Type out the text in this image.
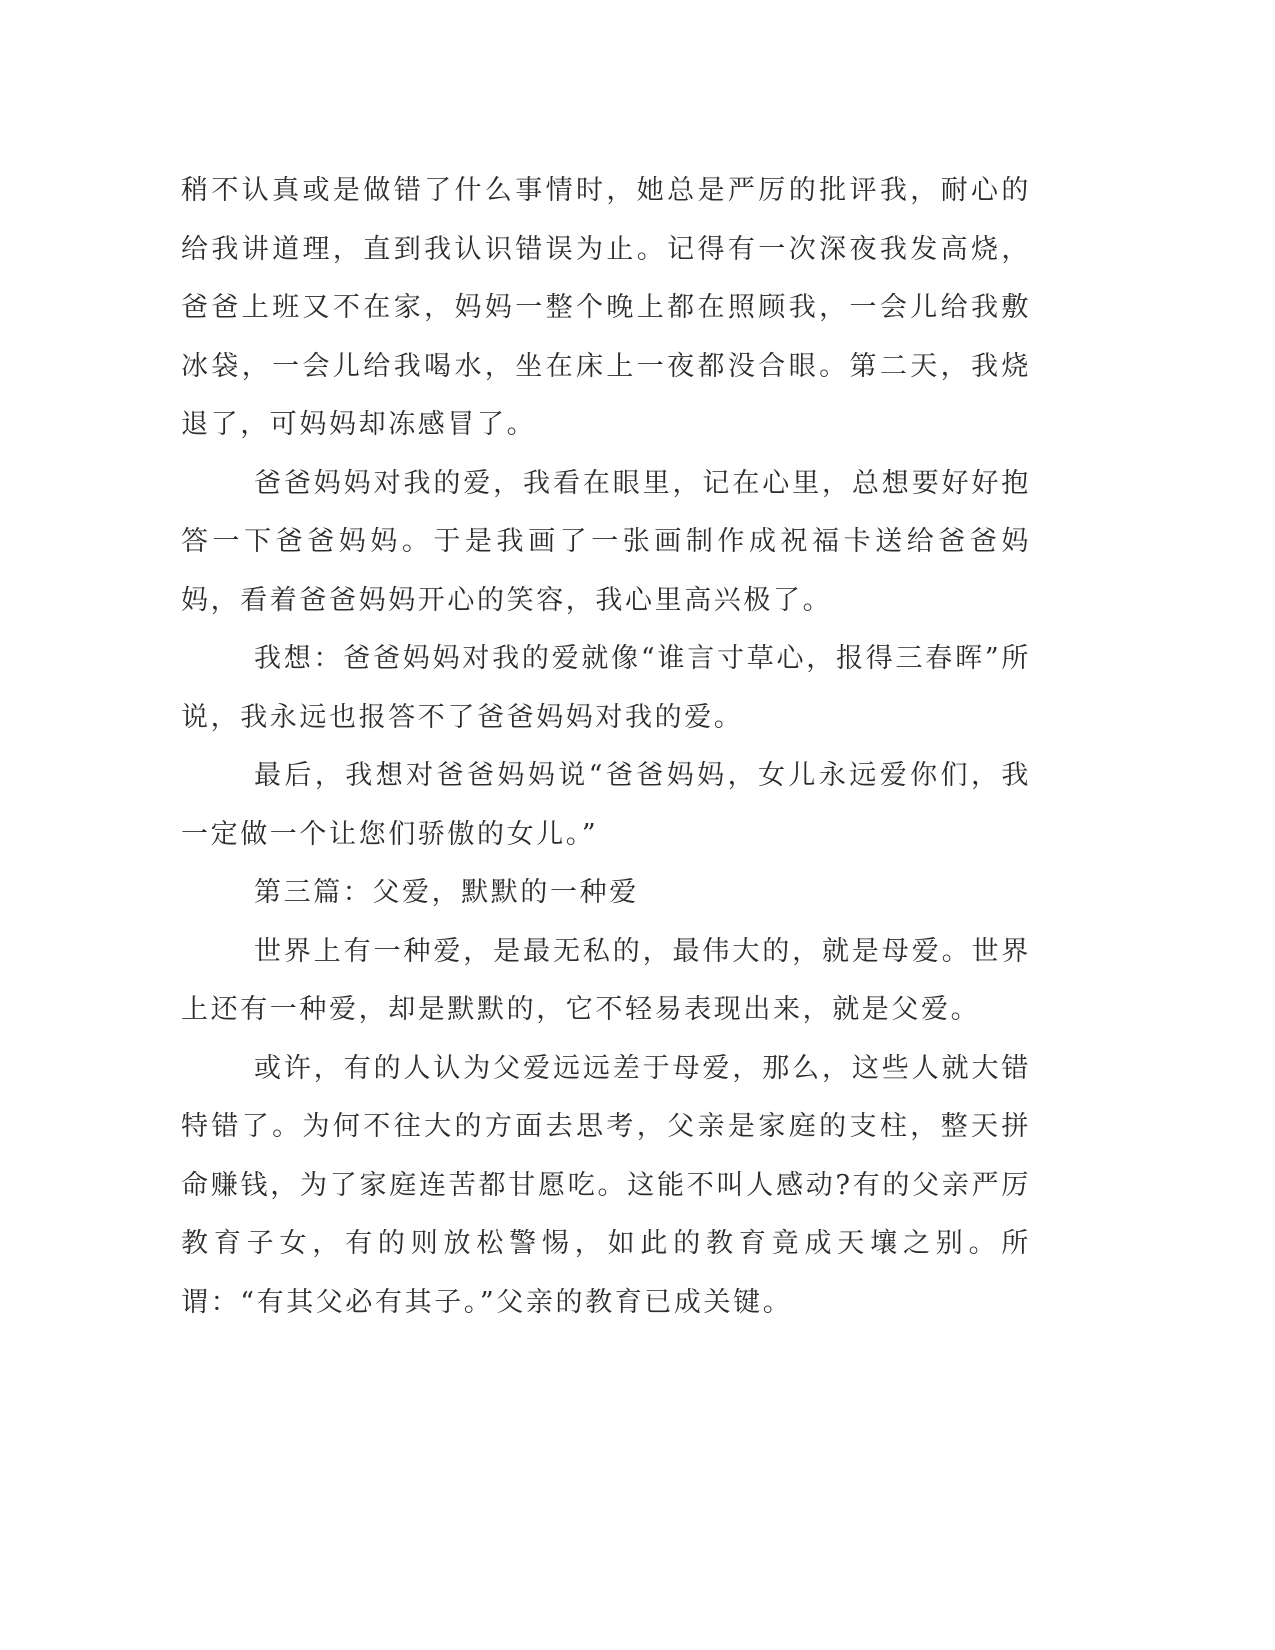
稍不认真或是做错了什么事情时，她总是严厉的批评我，耐心的给我讲道理，直到我认识错误为止。记得有一次深夜我发高烧，爸爸上班又不在家，妈妈一整个晚上都在照顾我，一会儿给我敷冰袋，一会儿给我喝水，坐在床上一夜都没合眼。第二天，我烧退了，可妈妈却冻感冒了。

爸爸妈妈对我的爱，我看在眼里，记在心里，总想要好好抱答一下爸爸妈妈。于是我画了一张画制作成祝福卡送给爸爸妈妈，看着爸爸妈妈开心的笑容，我心里高兴极了。

我想：爸爸妈妈对我的爱就像“谁言寸草心，报得三春晖”所说，我永远也报答不了爸爸妈妈对我的爱。

最后，我想对爸爸妈妈说“爸爸妈妈，女儿永远爱你们，我一定做一个让您们骄傲的女儿。”

第三篇：父爱，默默的一种爱

世界上有一种爱，是最无私的，最伟大的，就是母爱。世界上还有一种爱，却是默默的，它不轻易表现出来，就是父爱。

或许，有的人认为父爱远远差于母爱，那么，这些人就大错特错了。为何不往大的方面去思考，父亲是家庭的支柱，整天拼命赚钱，为了家庭连苦都甘愿吃。这能不叫人感动?有的父亲严厉教育子女，有的则放松警惕，如此的教育竟成天壤之别。所谓：“有其父必有其子。”父亲的教育已成关键。
